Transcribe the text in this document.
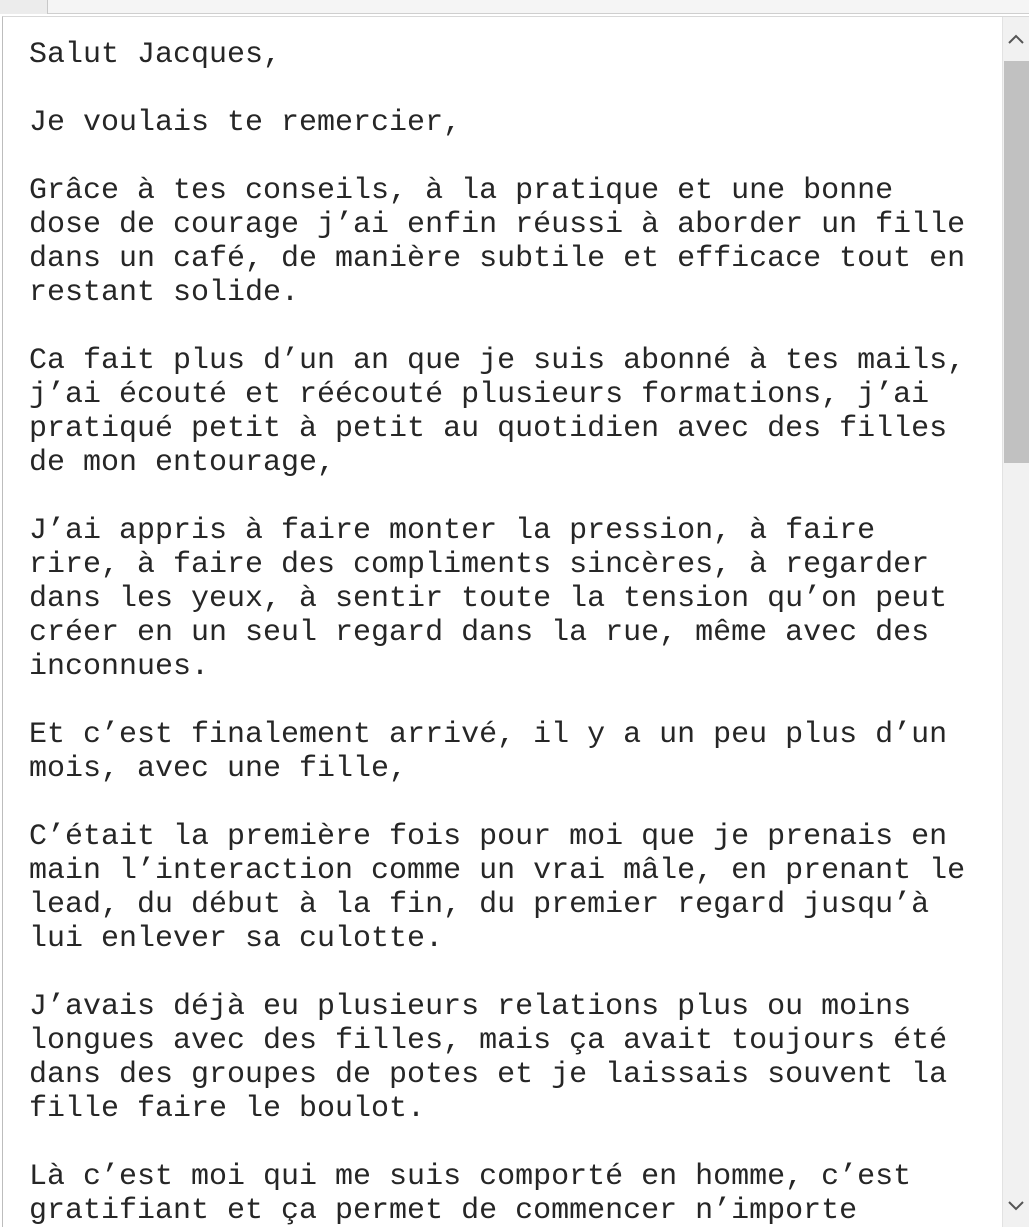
Salut Jacques,
Je voulais te remercier,
Grâce à tes conseils, à la pratique et une bonne
dose de courage j’ai enfin réussi à aborder un fille
dans un café, de manière subtile et efficace tout en
restant solide.
Ca fait plus d’un an que je suis abonné à tes mails,
j’ai écouté et réécouté plusieurs formations, j’ai
pratiqué petit à petit au quotidien avec des filles
de mon entourage,
J’ai appris à faire monter la pression, à faire
rire, à faire des compliments sincères, à regarder
dans les yeux, à sentir toute la tension qu’on peut
créer en un seul regard dans la rue, même avec des
inconnues.
Et c’est finalement arrivé, il y a un peu plus d’un
mois, avec une fille,
C’était la première fois pour moi que je prenais en
main l’interaction comme un vrai mâle, en prenant le
lead, du début à la fin, du premier regard jusqu’à
lui enlever sa culotte.
J’avais déjà eu plusieurs relations plus ou moins
longues avec des filles, mais ça avait toujours été
dans des groupes de potes et je laissais souvent la
fille faire le boulot.
Là c’est moi qui me suis comporté en homme, c’est
gratifiant et ça permet de commencer n’importe
